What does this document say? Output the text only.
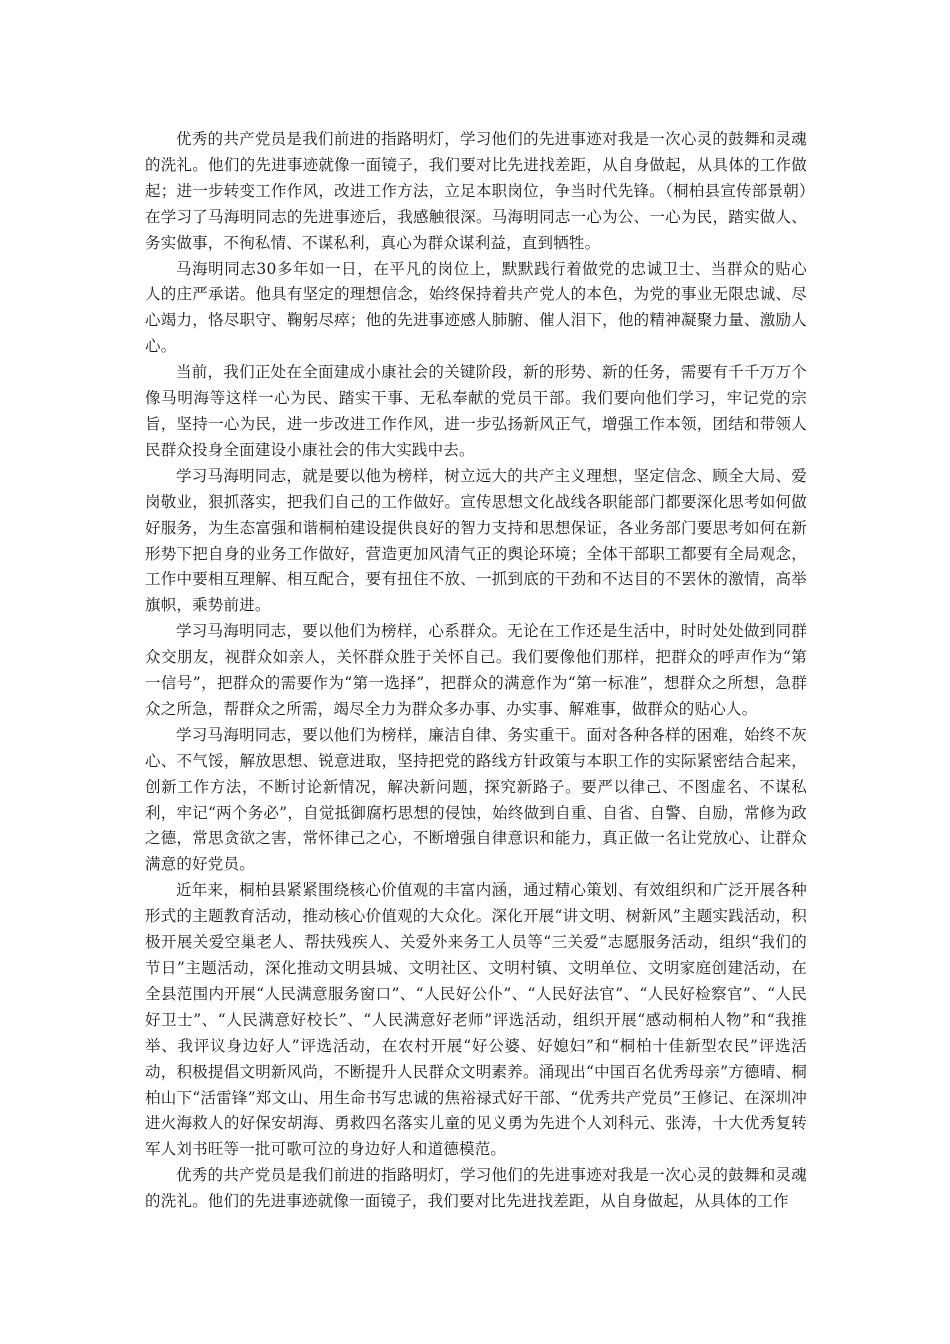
优秀的共产党员是我们前进的指路明灯，学习他们的先进事迹对我是一次心灵的鼓舞和灵魂的洗礼。他们的先进事迹就像一面镜子，我们要对比先进找差距，从自身做起，从具体的工作做起；进一步转变工作作风，改进工作方法，立足本职岗位，争当时代先锋。（桐柏县宣传部景朝）在学习了马海明同志的先进事迹后，我感触很深。马海明同志一心为公、一心为民，踏实做人、务实做事，不徇私情、不谋私利，真心为群众谋利益，直到牺牲。

马海明同志30多年如一日，在平凡的岗位上，默默践行着做党的忠诚卫士、当群众的贴心人的庄严承诺。他具有坚定的理想信念，始终保持着共产党人的本色，为党的事业无限忠诚、尽心竭力，恪尽职守、鞠躬尽瘁；他的先进事迹感人肺腑、催人泪下，他的精神凝聚力量、激励人心。

当前，我们正处在全面建成小康社会的关键阶段，新的形势、新的任务，需要有千千万万个像马明海等这样一心为民、踏实干事、无私奉献的党员干部。我们要向他们学习，牢记党的宗旨，坚持一心为民，进一步改进工作作风，进一步弘扬新风正气，增强工作本领，团结和带领人民群众投身全面建设小康社会的伟大实践中去。

学习马海明同志，就是要以他为榜样，树立远大的共产主义理想，坚定信念、顾全大局、爱岗敬业，狠抓落实，把我们自己的工作做好。宣传思想文化战线各职能部门都要深化思考如何做好服务，为生态富强和谐桐柏建设提供良好的智力支持和思想保证，各业务部门要思考如何在新形势下把自身的业务工作做好，营造更加风清气正的舆论环境；全体干部职工都要有全局观念，工作中要相互理解、相互配合，要有扭住不放、一抓到底的干劲和不达目的不罢休的激情，高举旗帜，乘势前进。

学习马海明同志，要以他们为榜样，心系群众。无论在工作还是生活中，时时处处做到同群众交朋友，视群众如亲人，关怀群众胜于关怀自己。我们要像他们那样，把群众的呼声作为“第一信号”，把群众的需要作为“第一选择”，把群众的满意作为“第一标准”，想群众之所想，急群众之所急，帮群众之所需，竭尽全力为群众多办事、办实事、解难事，做群众的贴心人。

学习马海明同志，要以他们为榜样，廉洁自律、务实重干。面对各种各样的困难，始终不灰心、不气馁，解放思想、锐意进取，坚持把党的路线方针政策与本职工作的实际紧密结合起来，创新工作方法，不断讨论新情况，解决新问题，探究新路子。要严以律己、不图虚名、不谋私利，牢记“两个务必”，自觉抵御腐朽思想的侵蚀，始终做到自重、自省、自警、自励，常修为政之德，常思贪欲之害，常怀律己之心，不断增强自律意识和能力，真正做一名让党放心、让群众满意的好党员。

近年来，桐柏县紧紧围绕核心价值观的丰富内涵，通过精心策划、有效组织和广泛开展各种形式的主题教育活动，推动核心价值观的大众化。深化开展“讲文明、树新风”主题实践活动，积极开展关爱空巢老人、帮扶残疾人、关爱外来务工人员等“三关爱”志愿服务活动，组织“我们的节日”主题活动，深化推动文明县城、文明社区、文明村镇、文明单位、文明家庭创建活动，在全县范围内开展“人民满意服务窗口”、“人民好公仆”、“人民好法官”、“人民好检察官”、“人民好卫士”、“人民满意好校长”、“人民满意好老师”评选活动，组织开展“感动桐柏人物”和“我推举、我评议身边好人”评选活动，在农村开展“好公婆、好媳妇”和“桐柏十佳新型农民”评选活动，积极提倡文明新风尚，不断提升人民群众文明素养。涌现出“中国百名优秀母亲”方德晴、桐柏山下“活雷锋”郑文山、用生命书写忠诚的焦裕禄式好干部、“优秀共产党员”王修记、在深圳冲进火海救人的好保安胡海、勇救四名落实儿童的见义勇为先进个人刘科元、张涛，十大优秀复转军人刘书旺等一批可歌可泣的身边好人和道德模范。

优秀的共产党员是我们前进的指路明灯，学习他们的先进事迹对我是一次心灵的鼓舞和灵魂的洗礼。他们的先进事迹就像一面镜子，我们要对比先进找差距，从自身做起，从具体的工作
